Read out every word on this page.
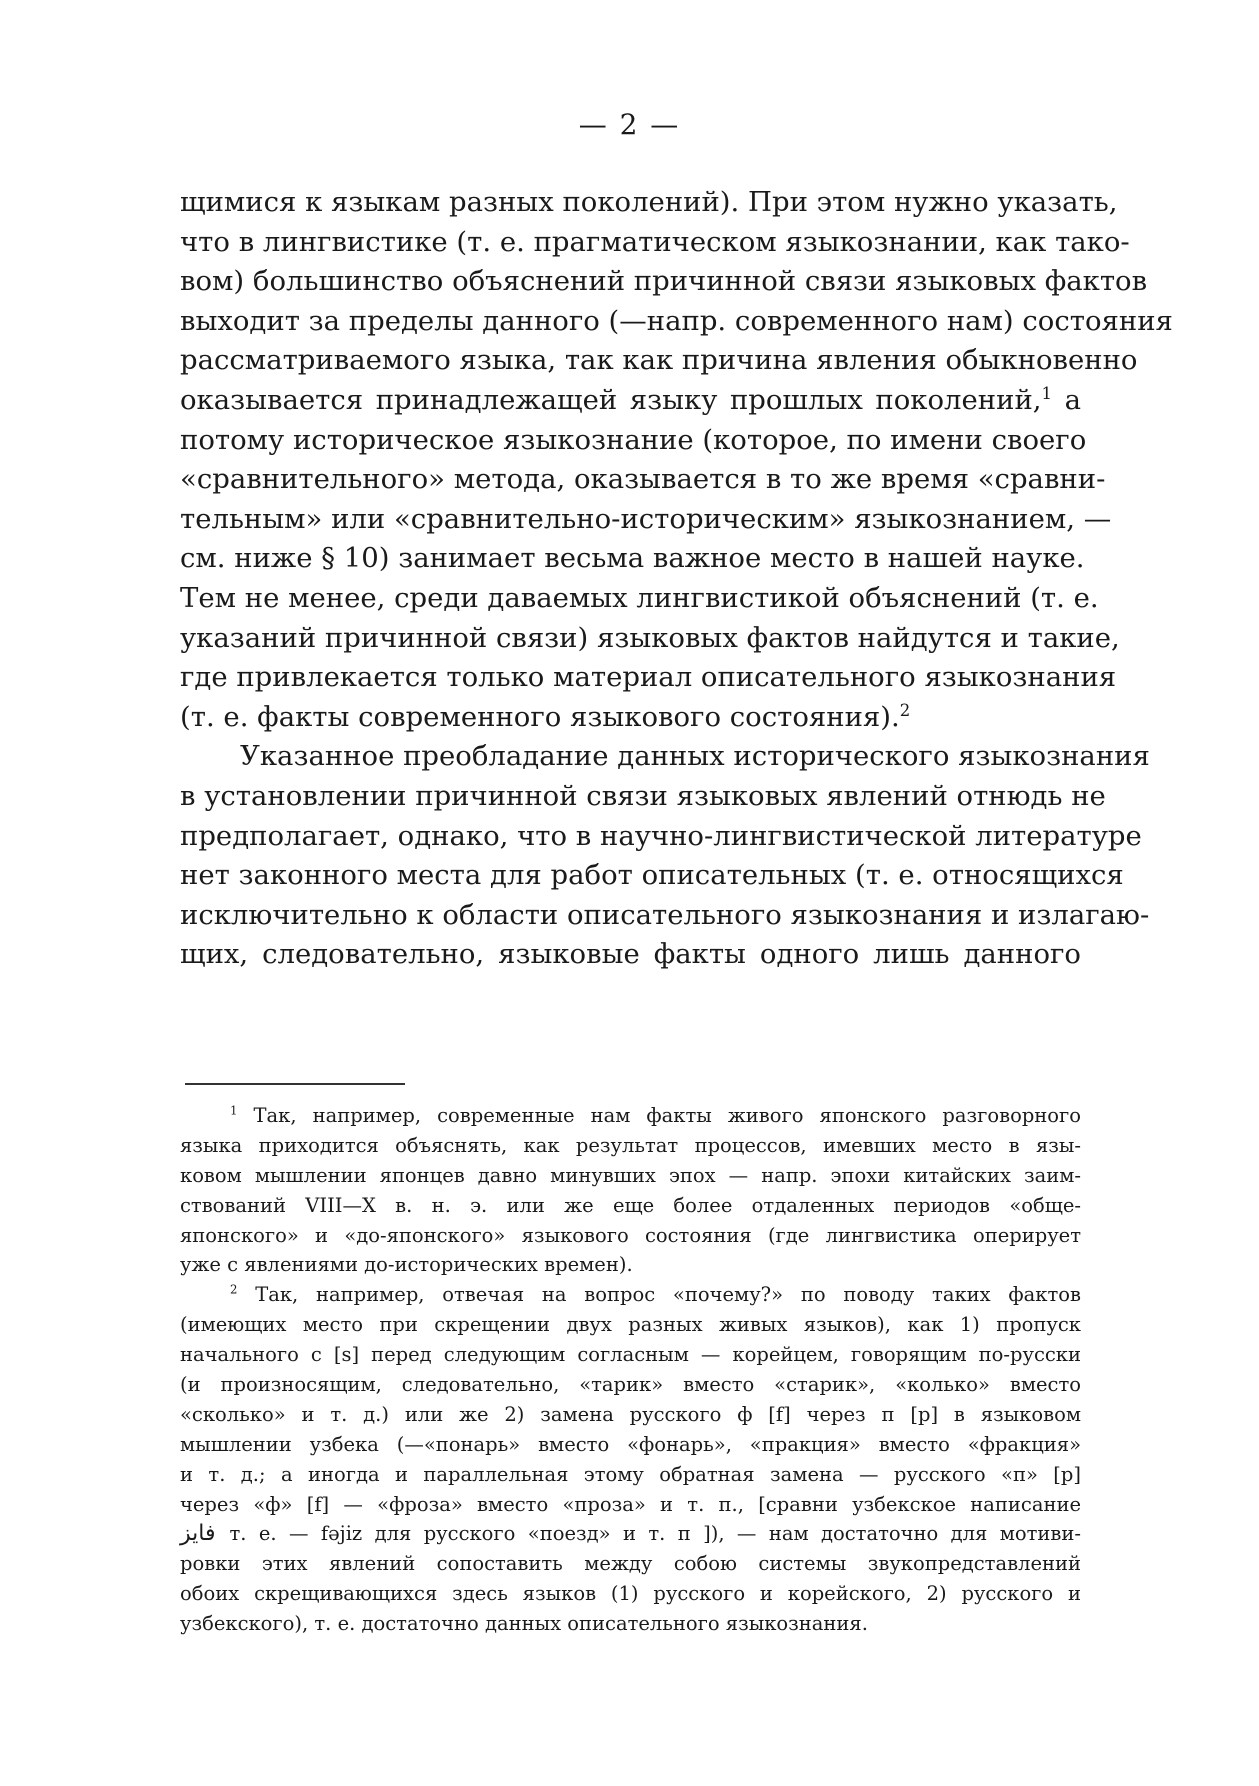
— 2 —
щимися к языкам разных поколений). При этом нужно указать,
что в лингвистике (т. е. прагматическом языкознании, как тако-
вом) большинство объяснений причинной связи языковых фактов
выходит за пределы данного (—напр. современного нам) состояния
рассматриваемого языка, так как причина явления обыкновенно
оказывается принадлежащей языку прошлых поколений,$^1$ а
потому историческое языкознание (которое, по имени своего
«сравнительного» метода, оказывается в то же время «сравни-
тельным» или «сравнительно-историческим» языкознанием, —
см. ниже § 10) занимает весьма важное место в нашей науке.
Тем не менее, среди даваемых лингвистикой объяснений (т. е.
указаний причинной связи) языковых фактов найдутся и такие,
где привлекается только материал описательного языкознания
(т. е. факты современного языкового состояния).$^2$
Указанное преобладание данных исторического языкознания
в установлении причинной связи языковых явлений отнюдь не
предполагает, однако, что в научно-лингвистической литературе
нет законного места для работ описательных (т. е. относящихся
исключительно к области описательного языкознания и излагаю-
щих, следовательно, языковые факты одного лишь данного
$^1$ Так, например, современные нам факты живого японского разговорного
языка приходится объяснять, как результат процессов, имевших место в язы-
ковом мышлении японцев давно минувших эпох — напр. эпохи китайских заим-
ствований VIII—X в. н. э. или же еще более отдаленных периодов «обще-
японского» и «до-японского» языкового состояния (где лингвистика оперирует
уже с явлениями до-исторических времен).
$^2$ Так, например, отвечая на вопрос «почему?» по поводу таких фактов
(имеющих место при скрещении двух разных живых языков), как 1) пропуск
начального с [s] перед следующим согласным — корейцем, говорящим по-русски
(и произносящим, следовательно, «тарик» вместо «старик», «колько» вместо
«сколько» и т. д.) или же 2) замена русского ф [f] через п [p] в языковом
мышлении узбека (—«понарь» вместо «фонарь», «пракция» вместо «фракция»
и т. д.; а иногда и параллельная этому обратная замена — русского «п» [p]
через «ф» [f] — «фроза» вместо «проза» и т. п., [сравни узбекское написание
فايز т. е. — fəjiz для русского «поезд» и т. п ]), — нам достаточно для мотиви-
ровки этих явлений сопоставить между собою системы звукопредставлений
обоих скрещивающихся здесь языков (1) русского и корейского, 2) русского и
узбекского), т. е. достаточно данных описательного языкознания.
